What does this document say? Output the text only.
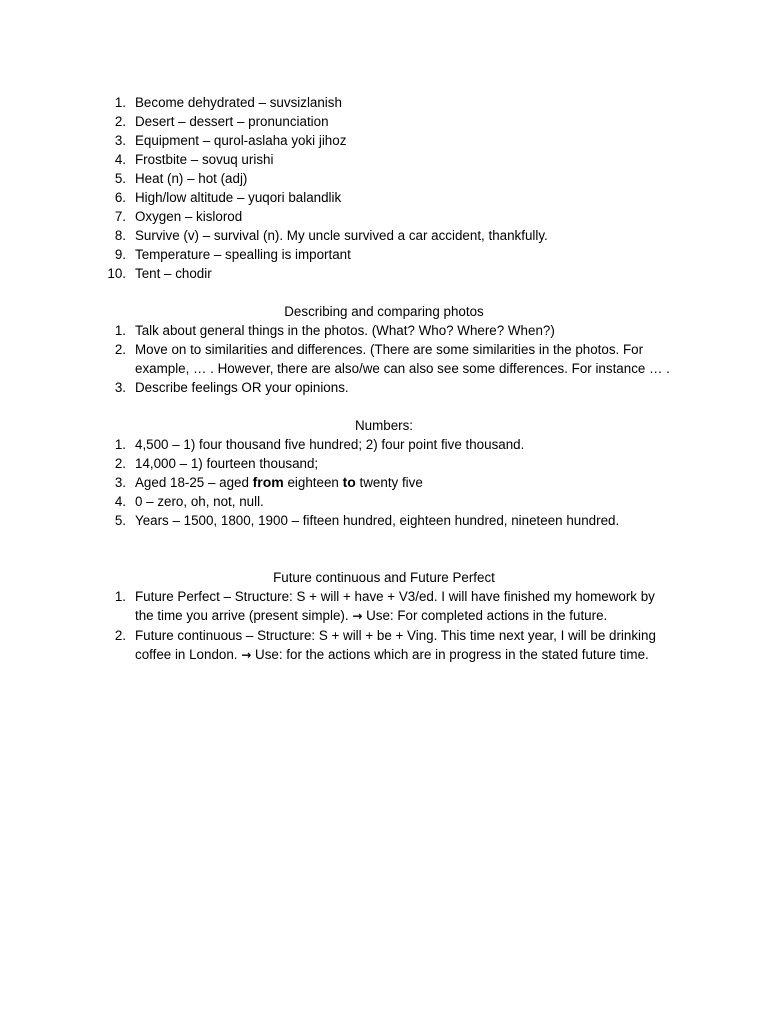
1. Become dehydrated – suvsizlanish
2. Desert – dessert – pronunciation
3. Equipment – qurol-aslaha yoki jihoz
4. Frostbite – sovuq urishi
5. Heat (n) – hot (adj)
6. High/low altitude – yuqori balandlik
7. Oxygen – kislorod
8. Survive (v) – survival (n). My uncle survived a car accident, thankfully.
9. Temperature – spealling is important
10. Tent – chodir

Describing and comparing photos

1. Talk about general things in the photos. (What? Who? Where? When?)
2. Move on to similarities and differences. (There are some similarities in the photos. For
example, … . However, there are also/we can also see some differences. For instance … .
3. Describe feelings OR your opinions.

Numbers:

1. 4,500 – 1) four thousand five hundred; 2) four point five thousand.
2. 14,000 – 1) fourteen thousand;
3. Aged 18-25 – aged from eighteen to twenty five
4. 0 – zero, oh, not, null.
5. Years – 1500, 1800, 1900 – fifteen hundred, eighteen hundred, nineteen hundred.

Future continuous and Future Perfect

1. Future Perfect – Structure: S + will + have + V3/ed. I will have finished my homework by
the time you arrive (present simple). → Use: For completed actions in the future.
2. Future continuous – Structure: S + will + be + Ving. This time next year, I will be drinking
coffee in London. → Use: for the actions which are in progress in the stated future time.
